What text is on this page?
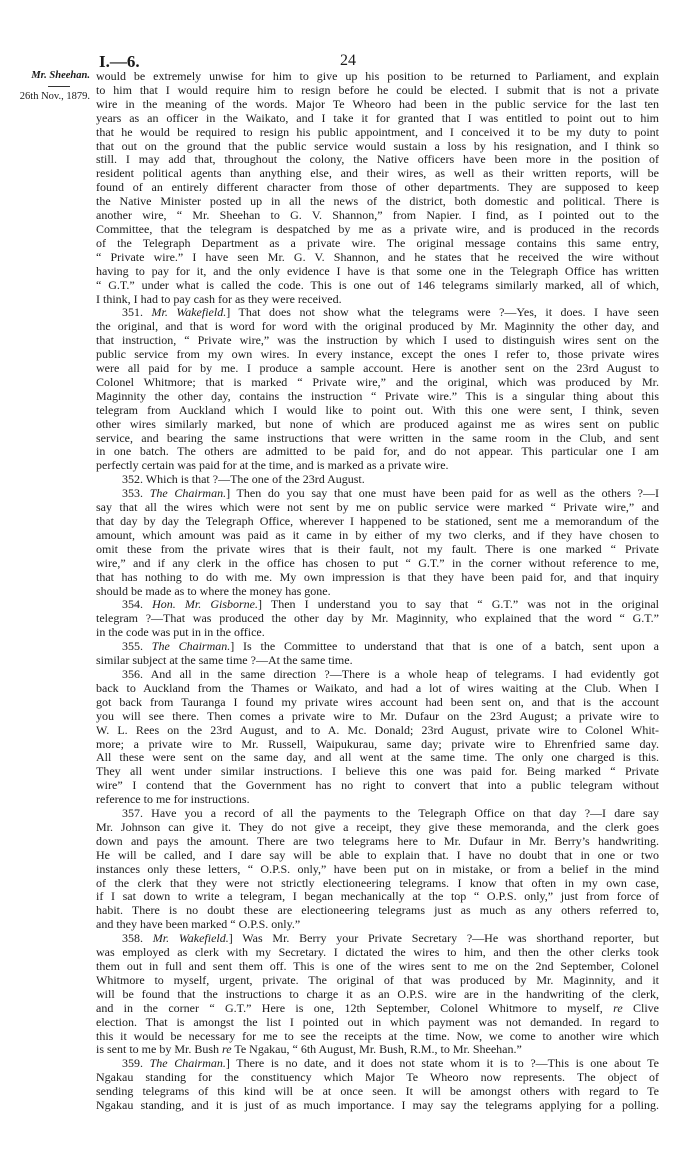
I.—6.	24
Mr. Sheehan.
26th Nov., 1879.
would be extremely unwise for him to give up his position to be returned to Parliament, and explain
to him that I would require him to resign before he could be elected. I submit that is not a private
wire in the meaning of the words. Major Te Wheoro had been in the public service for the last ten
years as an officer in the Waikato, and I take it for granted that I was entitled to point out to him
that he would be required to resign his public appointment, and I conceived it to be my duty to point
that out on the ground that the public service would sustain a loss by his resignation, and I think so
still. I may add that, throughout the colony, the Native officers have been more in the position of
resident political agents than anything else, and their wires, as well as their written reports, will be
found of an entirely different character from those of other departments. They are supposed to keep
the Native Minister posted up in all the news of the district, both domestic and political. There is
another wire, “ Mr. Sheehan to G. V. Shannon,” from Napier. I find, as I pointed out to the
Committee, that the telegram is despatched by me as a private wire, and is produced in the records
of the Telegraph Department as a private wire. The original message contains this same entry,
“ Private wire.” I have seen Mr. G. V. Shannon, and he states that he received the wire without
having to pay for it, and the only evidence I have is that some one in the Telegraph Office has written
“ G.T.” under what is called the code. This is one out of 146 telegrams similarly marked, all of which,
I think, I had to pay cash for as they were received.
351. Mr. Wakefield.] That does not show what the telegrams were ?—Yes, it does. I have seen
the original, and that is word for word with the original produced by Mr. Maginnity the other day, and
that instruction, “ Private wire,” was the instruction by which I used to distinguish wires sent on the
public service from my own wires. In every instance, except the ones I refer to, those private wires
were all paid for by me. I produce a sample account. Here is another sent on the 23rd August to
Colonel Whitmore; that is marked “ Private wire,” and the original, which was produced by Mr.
Maginnity the other day, contains the instruction “ Private wire.” This is a singular thing about this
telegram from Auckland which I would like to point out. With this one were sent, I think, seven
other wires similarly marked, but none of which are produced against me as wires sent on public
service, and bearing the same instructions that were written in the same room in the Club, and sent
in one batch. The others are admitted to be paid for, and do not appear. This particular one I am
perfectly certain was paid for at the time, and is marked as a private wire.
352. Which is that ?—The one of the 23rd August.
353. The Chairman.] Then do you say that one must have been paid for as well as the others ?—I
say that all the wires which were not sent by me on public service were marked “ Private wire,” and
that day by day the Telegraph Office, wherever I happened to be stationed, sent me a memorandum of the
amount, which amount was paid as it came in by either of my two clerks, and if they have chosen to
omit these from the private wires that is their fault, not my fault. There is one marked “ Private
wire,” and if any clerk in the office has chosen to put “ G.T.” in the corner without reference to me,
that has nothing to do with me. My own impression is that they have been paid for, and that inquiry
should be made as to where the money has gone.
354. Hon. Mr. Gisborne.] Then I understand you to say that “ G.T.” was not in the original
telegram ?—That was produced the other day by Mr. Maginnity, who explained that the word “ G.T.”
in the code was put in in the office.
355. The Chairman.] Is the Committee to understand that that is one of a batch, sent upon a
similar subject at the same time ?—At the same time.
356. And all in the same direction ?—There is a whole heap of telegrams. I had evidently got
back to Auckland from the Thames or Waikato, and had a lot of wires waiting at the Club. When I
got back from Tauranga I found my private wires account had been sent on, and that is the account
you will see there. Then comes a private wire to Mr. Dufaur on the 23rd August; a private wire to
W. L. Rees on the 23rd August, and to A. Mc. Donald; 23rd August, private wire to Colonel Whit-
more; a private wire to Mr. Russell, Waipukurau, same day; private wire to Ehrenfried same day.
All these were sent on the same day, and all went at the same time. The only one charged is this.
They all went under similar instructions. I believe this one was paid for. Being marked “ Private
wire” I contend that the Government has no right to convert that into a public telegram without
reference to me for instructions.
357. Have you a record of all the payments to the Telegraph Office on that day ?—I dare say
Mr. Johnson can give it. They do not give a receipt, they give these memoranda, and the clerk goes
down and pays the amount. There are two telegrams here to Mr. Dufaur in Mr. Berry’s handwriting.
He will be called, and I dare say will be able to explain that. I have no doubt that in one or two
instances only these letters, “ O.P.S. only,” have been put on in mistake, or from a belief in the mind
of the clerk that they were not strictly electioneering telegrams. I know that often in my own case,
if I sat down to write a telegram, I began mechanically at the top “ O.P.S. only,” just from force of
habit. There is no doubt these are electioneering telegrams just as much as any others referred to,
and they have been marked “ O.P.S. only.”
358. Mr. Wakefield.] Was Mr. Berry your Private Secretary ?—He was shorthand reporter, but
was employed as clerk with my Secretary. I dictated the wires to him, and then the other clerks took
them out in full and sent them off. This is one of the wires sent to me on the 2nd September, Colonel
Whitmore to myself, urgent, private. The original of that was produced by Mr. Maginnity, and it
will be found that the instructions to charge it as an O.P.S. wire are in the handwriting of the clerk,
and in the corner “ G.T.” Here is one, 12th September, Colonel Whitmore to myself, re Clive
election. That is amongst the list I pointed out in which payment was not demanded. In regard to
this it would be necessary for me to see the receipts at the time. Now, we come to another wire which
is sent to me by Mr. Bush re Te Ngakau, “ 6th August, Mr. Bush, R.M., to Mr. Sheehan.”
359. The Chairman.] There is no date, and it does not state whom it is to ?—This is one about Te
Ngakau standing for the constituency which Major Te Wheoro now represents. The object of
sending telegrams of this kind will be at once seen. It will be amongst others with regard to Te
Ngakau standing, and it is just of as much importance. I may say the telegrams applying for a polling.
